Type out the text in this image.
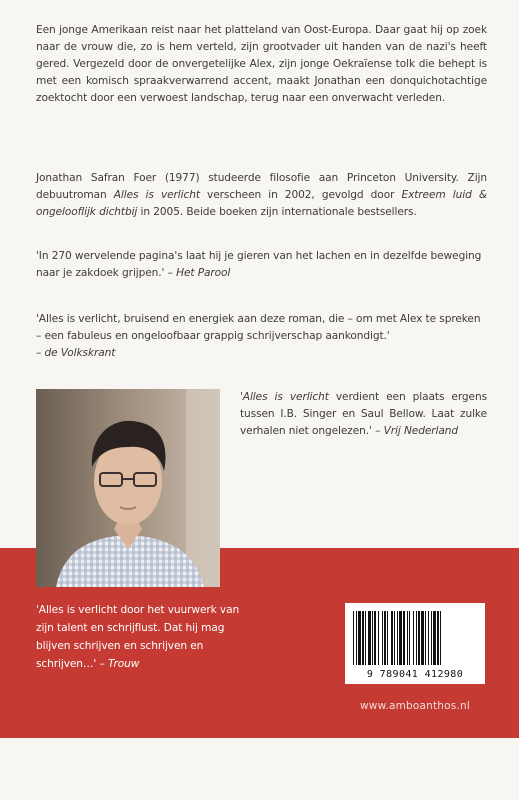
Een jonge Amerikaan reist naar het platteland van Oost-Europa. Daar gaat hij op zoek naar de vrouw die, zo is hem verteld, zijn grootvader uit handen van de nazi's heeft gered. Vergezeld door de onvergetelijke Alex, zijn jonge Oekraïense tolk die behept is met een komisch spraakverwarrend accent, maakt Jonathan een donquichotachtige zoektocht door een verwoest landschap, terug naar een onverwacht verleden.

Jonathan Safran Foer (1977) studeerde filosofie aan Princeton University. Zijn debuutroman Alles is verlicht verscheen in 2002, gevolgd door Extreem luid & ongelooflijk dichtbij in 2005. Beide boeken zijn internationale bestsellers.

'In 270 wervelende pagina's laat hij je gieren van het lachen en in dezelfde beweging naar je zakdoek grijpen.' – Het Parool

'Alles is verlicht, bruisend en energiek aan deze roman, die – om met Alex te spreken – een fabuleus en ongeloofbaar grappig schrijverschap aankondigt.'
– de Volkskrant

'Alles is verlicht verdient een plaats ergens tussen I.B. Singer en Saul Bellow. Laat zulke verhalen niet ongelezen.' – Vrij Nederland

'Alles is verlicht door het vuurwerk van zijn talent en schrijflust. Dat hij mag blijven schrijven en schrijven en schrijven…' – Trouw

9 789041 412980
www.amboanthos.nl
